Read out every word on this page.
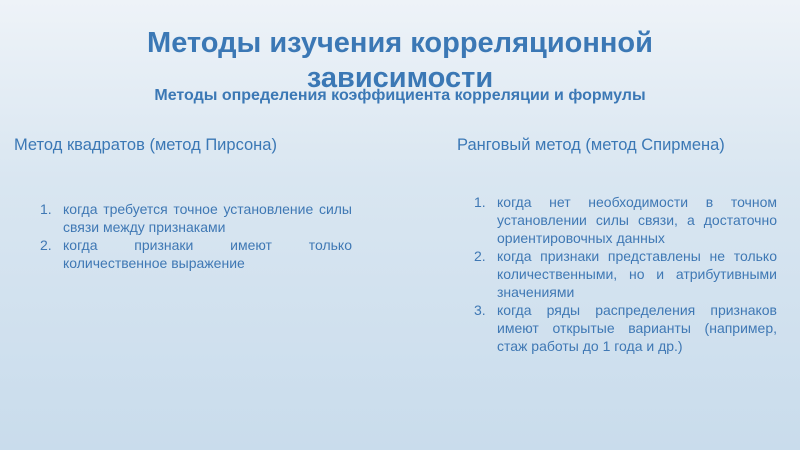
Методы изучения корреляционной
зависимости
Методы определения коэффициента корреляции и формулы
Метод квадратов (метод Пирсона)	Ранговый метод (метод Спирмена)
1. когда требуется точное установление силы связи между признаками
2. когда признаки имеют только количественное выражение
1. когда нет необходимости в точном установлении силы связи, а достаточно ориентировочных данных
2. когда признаки представлены не только количественными, но и атрибутивными значениями
3. когда ряды распределения признаков имеют открытые варианты (например, стаж работы до 1 года и др.)
